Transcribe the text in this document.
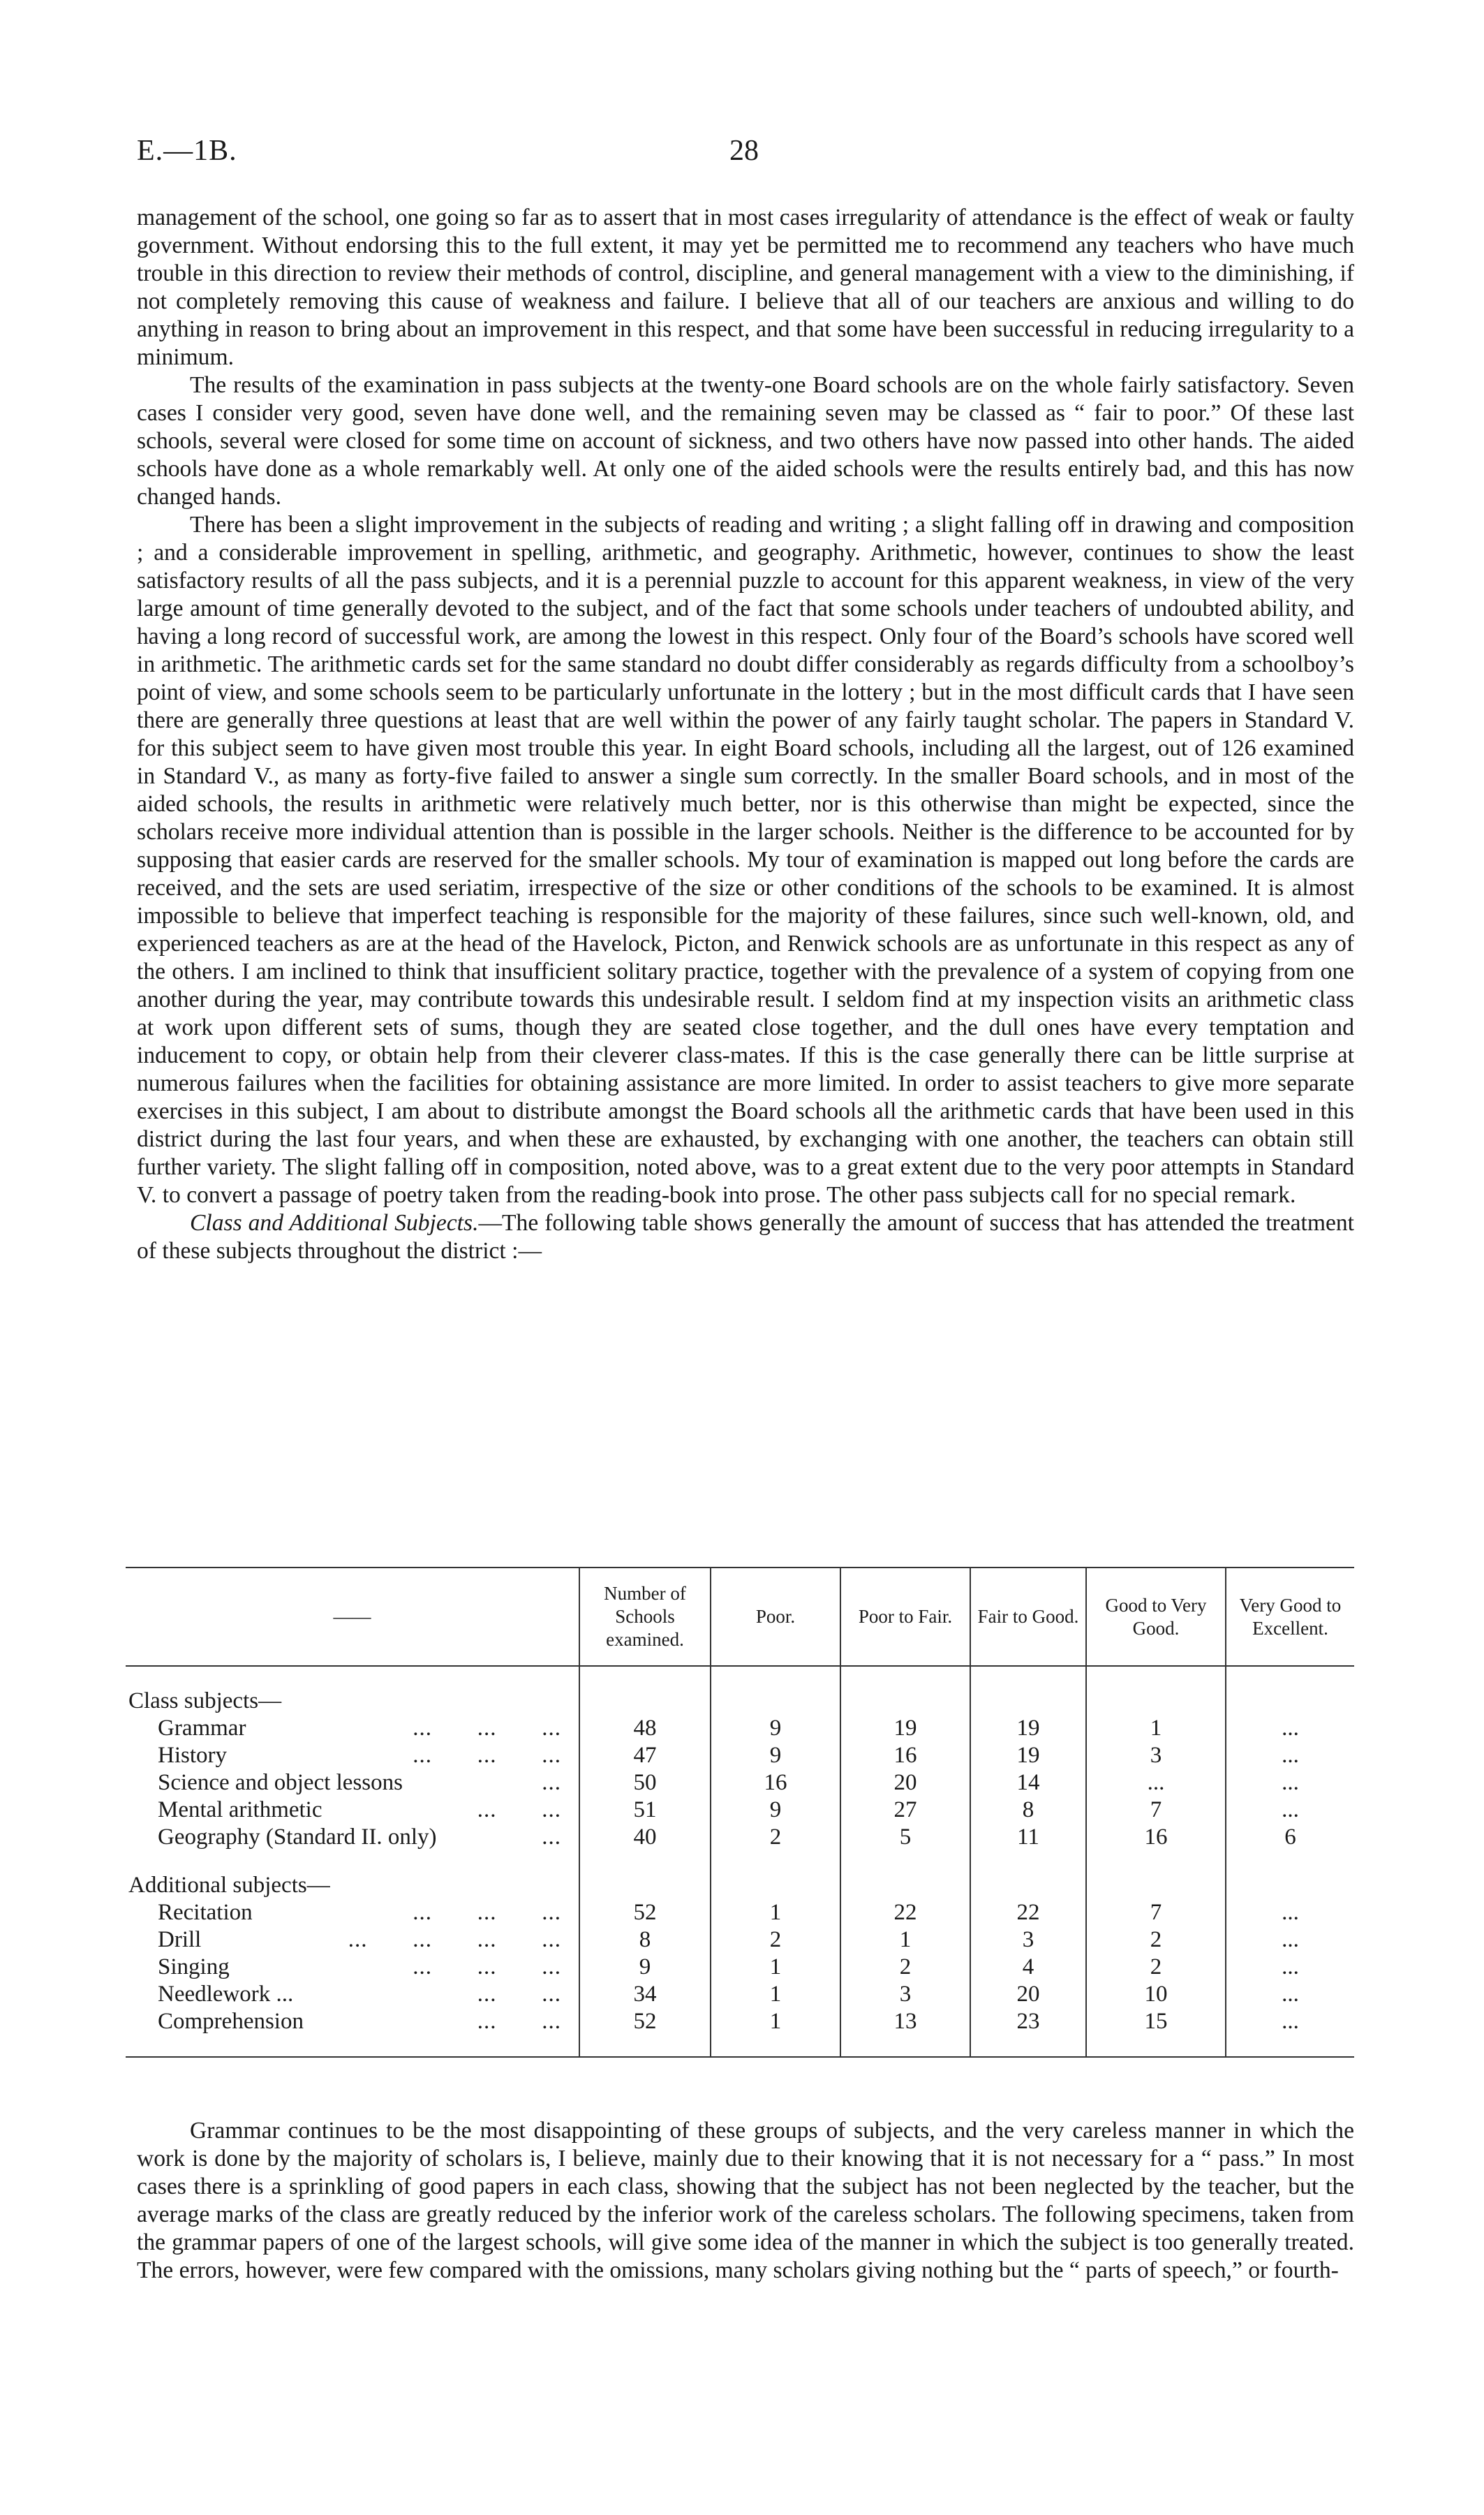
E.—1B.	28

management of the school, one going so far as to assert that in most cases irregularity of attendance is the effect of weak or faulty government. Without endorsing this to the full extent, it may yet be permitted me to recommend any teachers who have much trouble in this direction to review their methods of control, discipline, and general management with a view to the diminishing, if not completely removing this cause of weakness and failure. I believe that all of our teachers are anxious and willing to do anything in reason to bring about an improvement in this respect, and that some have been successful in reducing irregularity to a minimum.

The results of the examination in pass subjects at the twenty-one Board schools are on the whole fairly satisfactory. Seven cases I consider very good, seven have done well, and the remaining seven may be classed as “ fair to poor.” Of these last schools, several were closed for some time on account of sickness, and two others have now passed into other hands. The aided schools have done as a whole remarkably well. At only one of the aided schools were the results entirely bad, and this has now changed hands.

There has been a slight improvement in the subjects of reading and writing ; a slight falling off in drawing and composition ; and a considerable improvement in spelling, arithmetic, and geography. Arithmetic, however, continues to show the least satisfactory results of all the pass subjects, and it is a perennial puzzle to account for this apparent weakness, in view of the very large amount of time generally devoted to the subject, and of the fact that some schools under teachers of undoubted ability, and having a long record of successful work, are among the lowest in this respect. Only four of the Board’s schools have scored well in arithmetic. The arithmetic cards set for the same standard no doubt differ considerably as regards difficulty from a schoolboy’s point of view, and some schools seem to be particularly unfortunate in the lottery ; but in the most difficult cards that I have seen there are generally three questions at least that are well within the power of any fairly taught scholar. The papers in Standard V. for this subject seem to have given most trouble this year. In eight Board schools, including all the largest, out of 126 examined in Standard V., as many as forty-five failed to answer a single sum correctly. In the smaller Board schools, and in most of the aided schools, the results in arithmetic were relatively much better, nor is this otherwise than might be expected, since the scholars receive more individual attention than is possible in the larger schools. Neither is the difference to be accounted for by supposing that easier cards are reserved for the smaller schools. My tour of examination is mapped out long before the cards are received, and the sets are used seriatim, irrespective of the size or other conditions of the schools to be examined. It is almost impossible to believe that imperfect teaching is responsible for the majority of these failures, since such well-known, old, and experienced teachers as are at the head of the Havelock, Picton, and Renwick schools are as unfortunate in this respect as any of the others. I am inclined to think that insufficient solitary practice, together with the prevalence of a system of copying from one another during the year, may contribute towards this undesirable result. I seldom find at my inspection visits an arithmetic class at work upon different sets of sums, though they are seated close together, and the dull ones have every temptation and inducement to copy, or obtain help from their cleverer class-mates. If this is the case generally there can be little surprise at numerous failures when the facilities for obtaining assistance are more limited. In order to assist teachers to give more separate exercises in this subject, I am about to distribute amongst the Board schools all the arithmetic cards that have been used in this district during the last four years, and when these are exhausted, by exchanging with one another, the teachers can obtain still further variety. The slight falling off in composition, noted above, was to a great extent due to the very poor attempts in Standard V. to convert a passage of poetry taken from the reading-book into prose. The other pass subjects call for no special remark.

Class and Additional Subjects.—The following table shows generally the amount of success that has attended the treatment of these subjects throughout the district :—

——	Number of Schools examined.	Poor.	Poor to Fair.	Fair to Good.	Good to Very Good.	Very Good to Excellent.

Class subjects—						

Grammar ...       ...       ...	48	9	19	19	1	...

History ...       ...       ...	47	9	16	19	3	...

Science and object lessons ...	50	16	20	14	...	...

Mental arithmetic ...       ...	51	9	27	8	7	...

Geography (Standard II. only) ...	40	2	5	11	16	6

Additional subjects—						

Recitation ...       ...       ...	52	1	22	22	7	...

Drill ...       ...       ...       ...	8	2	1	3	2	...

Singing ...       ...       ...	9	1	2	4	2	...

Needlework ... ...       ...	34	1	3	20	10	...

Comprehension ...       ...	52	1	13	23	15	...

Grammar continues to be the most disappointing of these groups of subjects, and the very careless manner in which the work is done by the majority of scholars is, I believe, mainly due to their knowing that it is not necessary for a “ pass.” In most cases there is a sprinkling of good papers in each class, showing that the subject has not been neglected by the teacher, but the average marks of the class are greatly reduced by the inferior work of the careless scholars. The following specimens, taken from the grammar papers of one of the largest schools, will give some idea of the manner in which the subject is too generally treated. The errors, however, were few compared with the omissions, many scholars giving nothing but the “ parts of speech,” or fourth-
